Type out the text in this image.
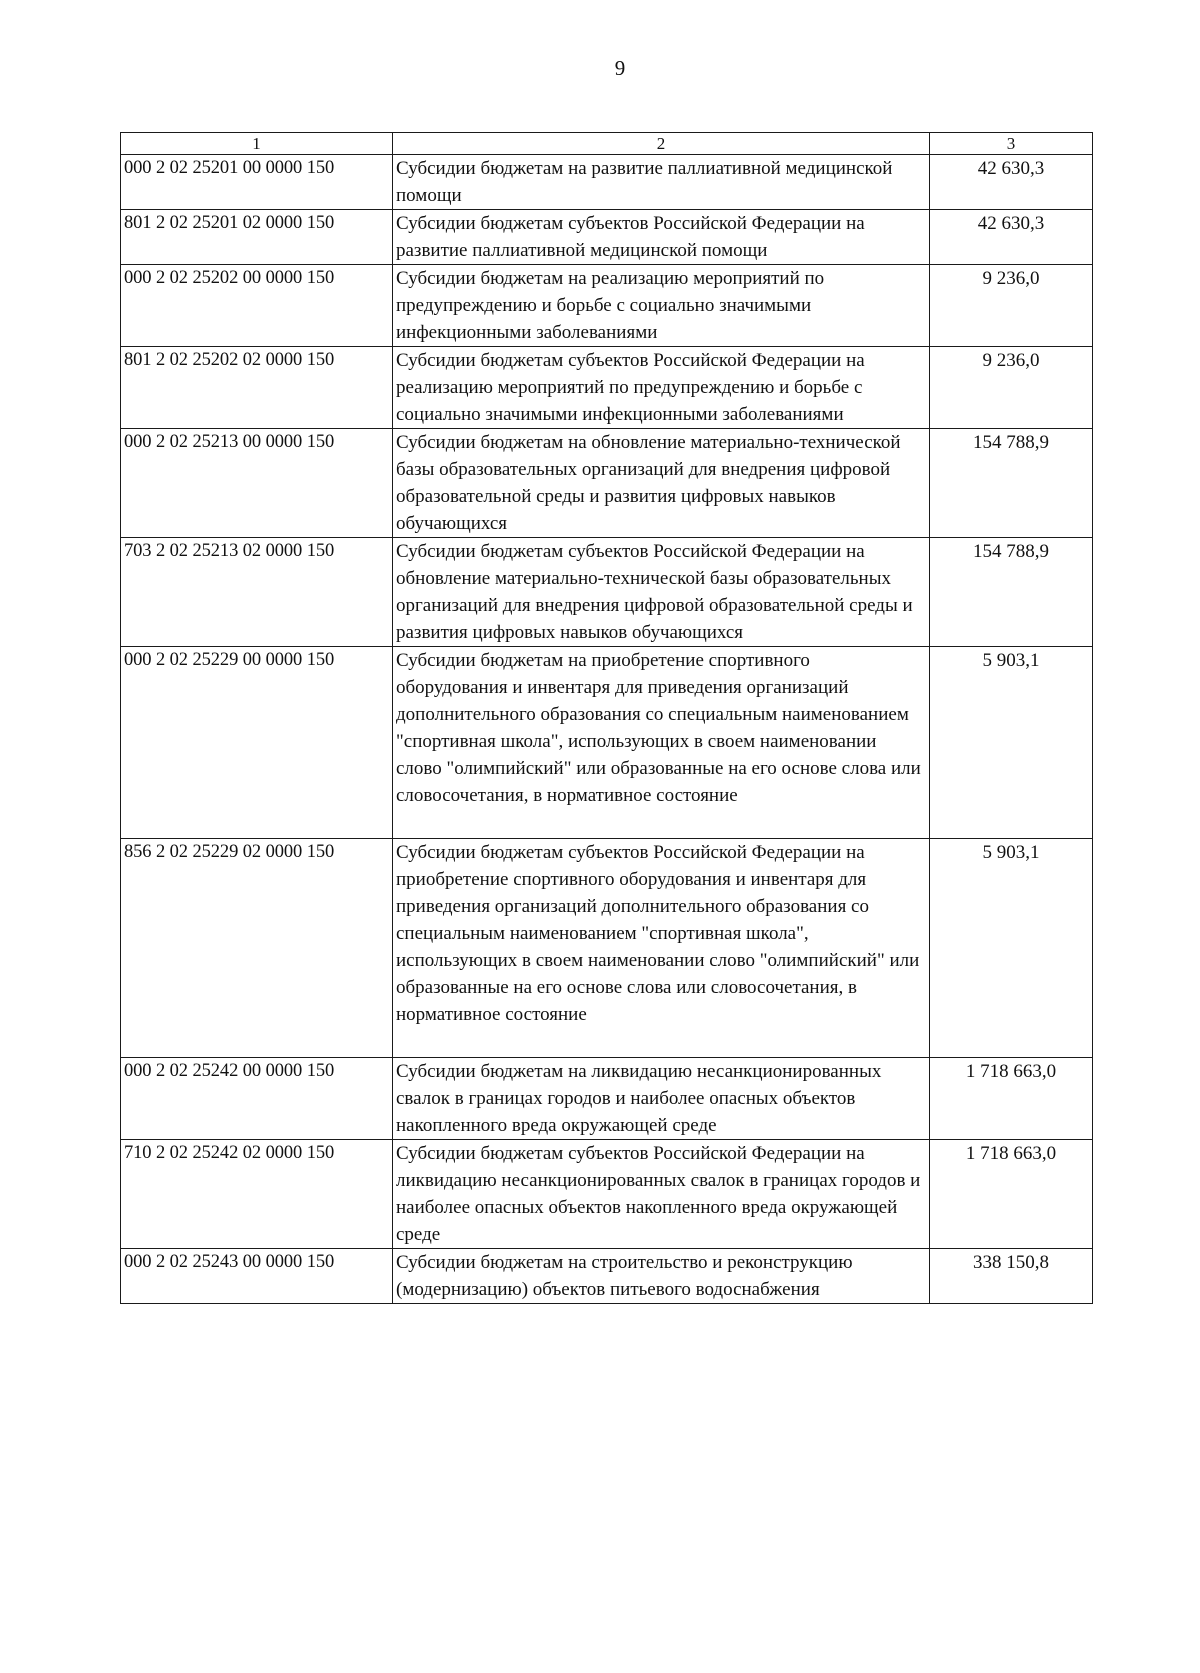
9
1	2	3
000 2 02 25201 00 0000 150	Субсидии бюджетам на развитие паллиативной медицинской помощи	42 630,3
801 2 02 25201 02 0000 150	Субсидии бюджетам субъектов Российской Федерации на развитие паллиативной медицинской помощи	42 630,3
000 2 02 25202 00 0000 150	Субсидии бюджетам на реализацию мероприятий по предупреждению и борьбе с социально значимыми инфекционными заболеваниями	9 236,0
801 2 02 25202 02 0000 150	Субсидии бюджетам субъектов Российской Федерации на реализацию мероприятий по предупреждению и борьбе с социально значимыми инфекционными заболеваниями	9 236,0
000 2 02 25213 00 0000 150	Субсидии бюджетам на обновление материально-технической базы образовательных организаций для внедрения цифровой образовательной среды и развития цифровых навыков обучающихся	154 788,9
703 2 02 25213 02 0000 150	Субсидии бюджетам субъектов Российской Федерации на обновление материально-технической базы образовательных организаций для внедрения цифровой образовательной среды и развития цифровых навыков обучающихся	154 788,9
000 2 02 25229 00 0000 150	Субсидии бюджетам на приобретение спортивного оборудования и инвентаря для приведения организаций дополнительного образования со специальным наименованием "спортивная школа", использующих в своем наименовании слово "олимпийский" или образованные на его основе слова или словосочетания, в нормативное состояние	5 903,1
856 2 02 25229 02 0000 150	Субсидии бюджетам субъектов Российской Федерации на приобретение спортивного оборудования и инвентаря для приведения организаций дополнительного образования со специальным наименованием "спортивная школа", использующих в своем наименовании слово "олимпийский" или образованные на его основе слова или словосочетания, в нормативное состояние	5 903,1
000 2 02 25242 00 0000 150	Субсидии бюджетам на ликвидацию несанкционированных свалок в границах городов и наиболее опасных объектов накопленного вреда окружающей среде	1 718 663,0
710 2 02 25242 02 0000 150	Субсидии бюджетам субъектов Российской Федерации на ликвидацию несанкционированных свалок в границах городов и наиболее опасных объектов накопленного вреда окружающей среде	1 718 663,0
000 2 02 25243 00 0000 150	Субсидии бюджетам на строительство и реконструкцию (модернизацию) объектов питьевого водоснабжения	338 150,8
